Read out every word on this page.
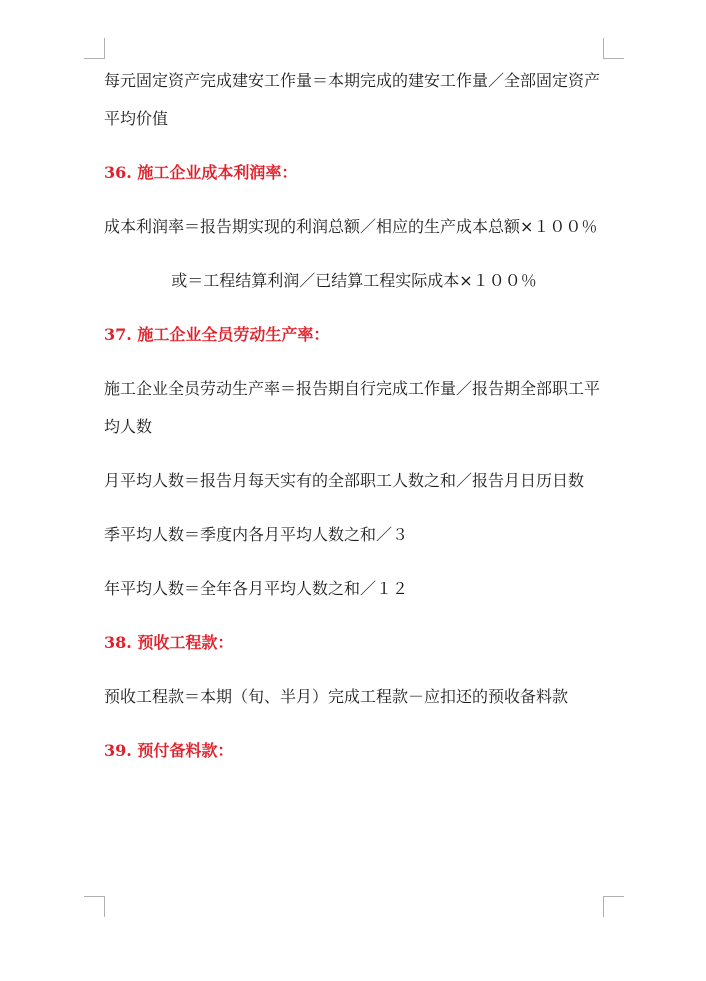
每元固定资产完成建安工作量＝本期完成的建安工作量／全部固定资产平均价值

36. 施工企业成本利润率：

成本利润率＝报告期实现的利润总额／相应的生产成本总额×１００％

或＝工程结算利润／已结算工程实际成本×１００％

37. 施工企业全员劳动生产率：

施工企业全员劳动生产率＝报告期自行完成工作量／报告期全部职工平均人数

月平均人数＝报告月每天实有的全部职工人数之和／报告月日历日数

季平均人数＝季度内各月平均人数之和／３

年平均人数＝全年各月平均人数之和／１２

38. 预收工程款：

预收工程款＝本期（旬、半月）完成工程款－应扣还的预收备料款

39. 预付备料款：
